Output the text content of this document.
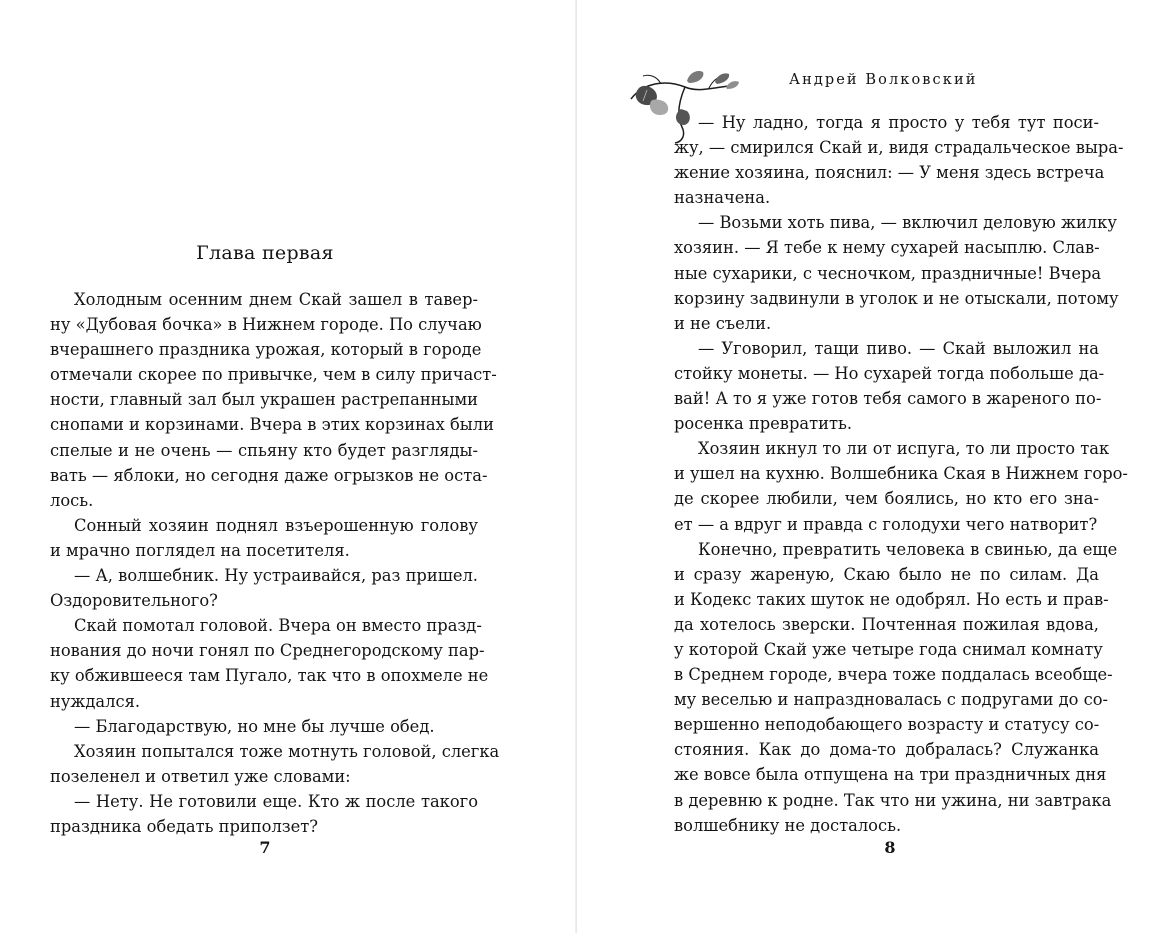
Глава первая
Холодным осенним днем Скай зашел в тавер-
ну «Дубовая бочка» в Нижнем городе. По случаю
вчерашнего праздника урожая, который в городе
отмечали скорее по привычке, чем в силу причаст-
ности, главный зал был украшен растрепанными
снопами и корзинами. Вчера в этих корзинах были
спелые и не очень — спьяну кто будет разгляды-
вать — яблоки, но сегодня даже огрызков не оста-
лось.
Сонный хозяин поднял взъерошенную голову
и мрачно поглядел на посетителя.
— А, волшебник. Ну устраивайся, раз пришел.
Оздоровительного?
Скай помотал головой. Вчера он вместо празд-
нования до ночи гонял по Среднегородскому пар-
ку обжившееся там Пугало, так что в опохмеле не
нуждался.
— Благодарствую, но мне бы лучше обед.
Хозяин попытался тоже мотнуть головой, слегка
позеленел и ответил уже словами:
— Нету. Не готовили еще. Кто ж после такого
праздника обедать приползет?
7
Андрей Волковский
— Ну ладно, тогда я просто у тебя тут поси-
жу, — смирился Скай и, видя страдальческое выра-
жение хозяина, пояснил: — У меня здесь встреча
назначена.
— Возьми хоть пива, — включил деловую жилку
хозяин. — Я тебе к нему сухарей насыплю. Слав-
ные сухарики, с чесночком, праздничные! Вчера
корзину задвинули в уголок и не отыскали, потому
и не съели.
— Уговорил, тащи пиво. — Скай выложил на
стойку монеты. — Но сухарей тогда побольше да-
вай! А то я уже готов тебя самого в жареного по-
росенка превратить.
Хозяин икнул то ли от испуга, то ли просто так
и ушел на кухню. Волшебника Ская в Нижнем горо-
де скорее любили, чем боялись, но кто его зна-
ет — а вдруг и правда с голодухи чего натворит?
Конечно, превратить человека в свинью, да еще
и сразу жареную, Скаю было не по силам. Да
и Кодекс таких шуток не одобрял. Но есть и прав-
да хотелось зверски. Почтенная пожилая вдова,
у которой Скай уже четыре года снимал комнату
в Среднем городе, вчера тоже поддалась всеобще-
му веселью и напраздновалась с подругами до со-
вершенно неподобающего возрасту и статусу со-
стояния. Как до дома-то добралась? Служанка
же вовсе была отпущена на три праздничных дня
в деревню к родне. Так что ни ужина, ни завтрака
волшебнику не досталось.
8
